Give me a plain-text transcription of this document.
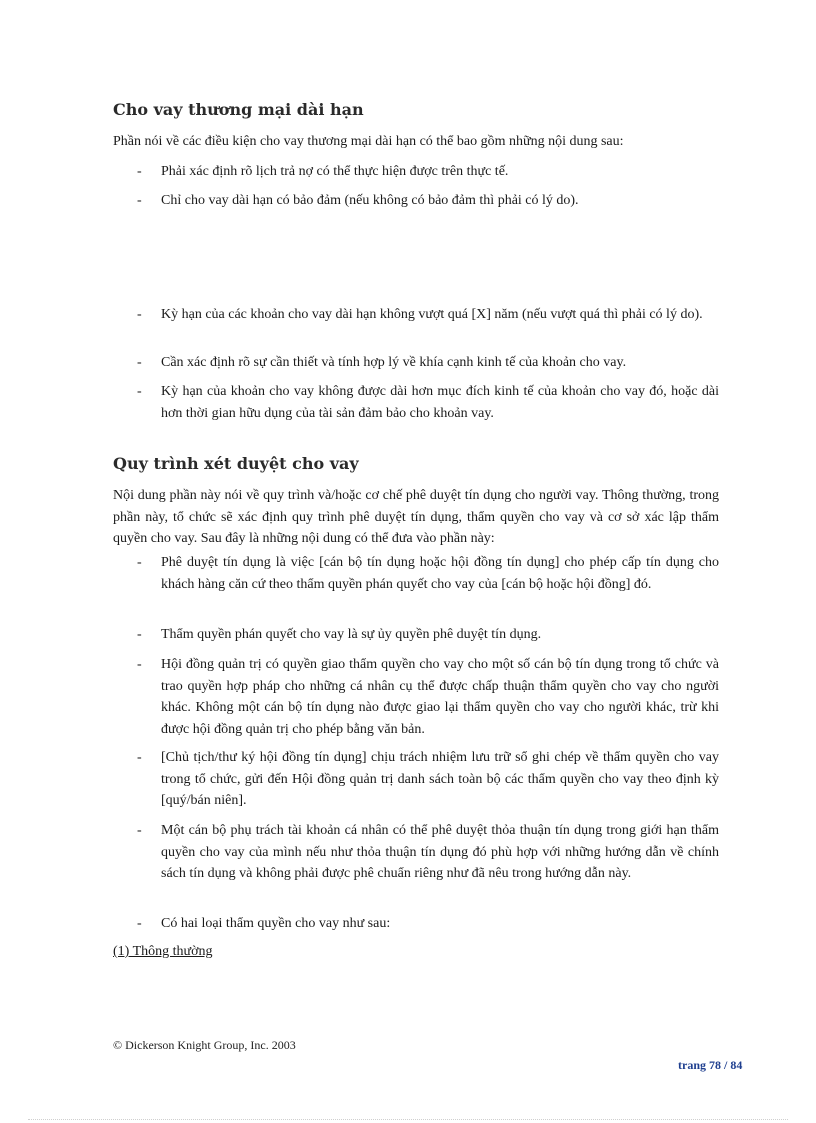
Cho vay thương mại dài hạn

Phần nói về các điều kiện cho vay thương mại dài hạn có thể bao gồm những nội dung sau:

- Phải xác định rõ lịch trả nợ có thể thực hiện được trên thực tế.
- Chỉ cho vay dài hạn có bảo đảm (nếu không có bảo đảm thì phải có lý do).
- Kỳ hạn của các khoản cho vay dài hạn không vượt quá [X] năm (nếu vượt quá thì phải có lý do).
- Cần xác định rõ sự cần thiết và tính hợp lý về khía cạnh kinh tế của khoản cho vay.
- Kỳ hạn của khoản cho vay không được dài hơn mục đích kinh tế của khoản cho vay đó, hoặc dài hơn thời gian hữu dụng của tài sản đảm bảo cho khoản vay.
Quy trình xét duyệt cho vay

Nội dung phần này nói về quy trình và/hoặc cơ chế phê duyệt tín dụng cho người vay. Thông thường, trong phần này, tổ chức sẽ xác định quy trình phê duyệt tín dụng, thẩm quyền cho vay và cơ sở xác lập thẩm quyền cho vay. Sau đây là những nội dung có thể đưa vào phần này:

- Phê duyệt tín dụng là việc [cán bộ tín dụng hoặc hội đồng tín dụng] cho phép cấp tín dụng cho khách hàng căn cứ theo thẩm quyền phán quyết cho vay của [cán bộ hoặc hội đồng] đó.
- Thẩm quyền phán quyết cho vay là sự ủy quyền phê duyệt tín dụng.
- Hội đồng quản trị có quyền giao thẩm quyền cho vay cho một số cán bộ tín dụng trong tổ chức và trao quyền hợp pháp cho những cá nhân cụ thể được chấp thuận thẩm quyền cho vay cho người khác. Không một cán bộ tín dụng nào được giao lại thẩm quyền cho vay cho người khác, trừ khi được hội đồng quản trị cho phép bằng văn bản.
- [Chủ tịch/thư ký hội đồng tín dụng] chịu trách nhiệm lưu trữ sổ ghi chép về thẩm quyền cho vay trong tổ chức, gửi đến Hội đồng quản trị danh sách toàn bộ các thẩm quyền cho vay theo định kỳ [quý/bán niên].
- Một cán bộ phụ trách tài khoản cá nhân có thể phê duyệt thỏa thuận tín dụng trong giới hạn thẩm quyền cho vay của mình nếu như thỏa thuận tín dụng đó phù hợp với những hướng dẫn về chính sách tín dụng và không phải được phê chuẩn riêng như đã nêu trong hướng dẫn này.
- Có hai loại thẩm quyền cho vay như sau:

(1) Thông thường

© Dickerson Knight Group, Inc. 2003
trang 78 / 84
